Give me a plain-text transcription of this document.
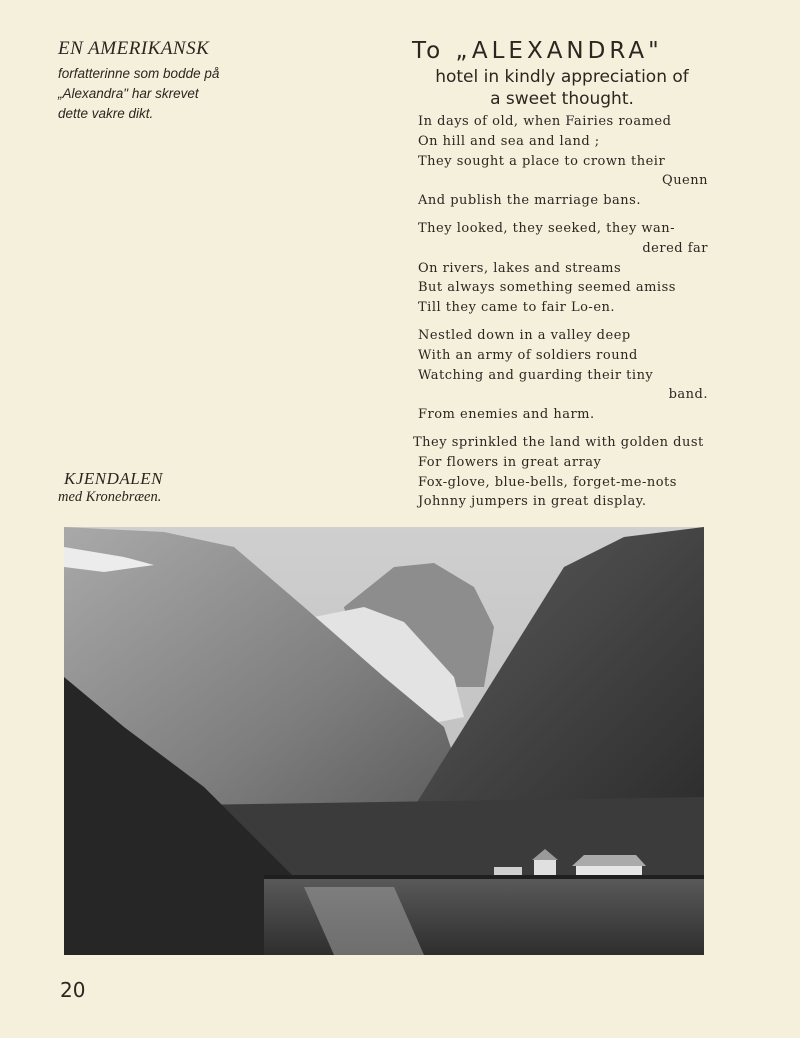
EN AMERIKANSK

forfatterinne som bodde på
„Alexandra" har skrevet
dette vakre dikt.

To „ALEXANDRA"
hotel in kindly appreciation of
a sweet thought.
In days of old, when Fairies roamed
On hill and sea and land ;
They sought a place to crown their
Quenn
And publish the marriage bans.
They looked, they seeked, they wan-
dered far
On rivers, lakes and streams
But always something seemed amiss
Till they came to fair Lo-en.
Nestled down in a valley deep
With an army of soldiers round
Watching and guarding their tiny
band.
From enemies and harm.
They sprinkled the land with golden dust
For flowers in great array
Fox-glove, blue-bells, forget-me-nots
Johnny jumpers in great display.
KJENDALEN
med Kronebræen.
20
